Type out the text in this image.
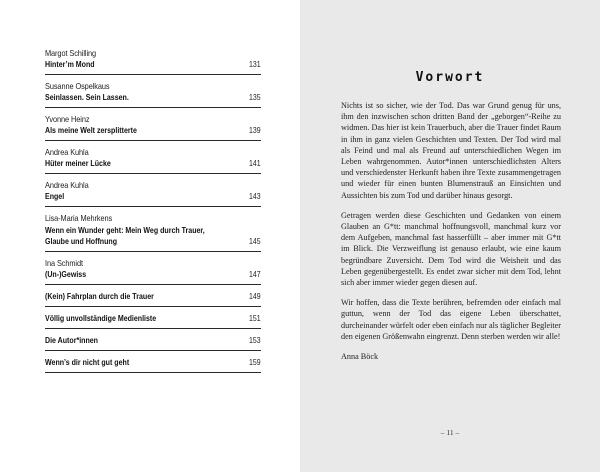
Margot Schilling
Hinter’m Mond	131
Susanne Ospelkaus
Seinlassen. Sein Lassen.	135
Yvonne Heinz
Als meine Welt zersplitterte	139
Andrea Kuhla
Hüter meiner Lücke	141
Andrea Kuhla
Engel	143
Lisa-Maria Mehrkens
Wenn ein Wunder geht: Mein Weg durch Trauer,
Glaube und Hoffnung	145
Ina Schmidt
(Un-)Gewiss	147
(Kein) Fahrplan durch die Trauer	149
Völlig unvollständige Medienliste	151
Die Autor*innen	153
Wenn’s dir nicht gut geht	159
Vorwort

Nichts ist so sicher, wie der Tod. Das war Grund genug für uns, ihm den inzwischen schon dritten Band der „geborgen“-Reihe zu widmen. Das hier ist kein Trauerbuch, aber die Trauer findet Raum in ihm in ganz vielen Geschichten und Texten. Der Tod wird mal als Feind und mal als Freund auf unterschiedlichen Wegen im Leben wahrgenommen. Autor*innen unterschiedlichsten Alters und verschiedenster Herkunft haben ihre Texte zusammengetragen und wieder für einen bunten Blumenstrauß an Einsichten und Aussichten bis zum Tod und darüber hinaus gesorgt.

Getragen werden diese Geschichten und Gedanken von einem Glauben an G*tt: manchmal hoffnungsvoll, manchmal kurz vor dem Aufgeben, manchmal fast hasserfüllt – aber immer mit G*tt im Blick. Die Verzweiflung ist genauso erlaubt, wie eine kaum begründbare Zuversicht. Dem Tod wird die Weisheit und das Leben gegenübergestellt. Es endet zwar sicher mit dem Tod, lehnt sich aber immer wieder gegen diesen auf.

Wir hoffen, dass die Texte berühren, befremden oder einfach mal guttun, wenn der Tod das eigene Leben überschattet, durcheinander würfelt oder eben einfach nur als täglicher Begleiter den eigenen Größenwahn eingrenzt. Denn sterben werden wir alle!

Anna Böck

– 11 –
